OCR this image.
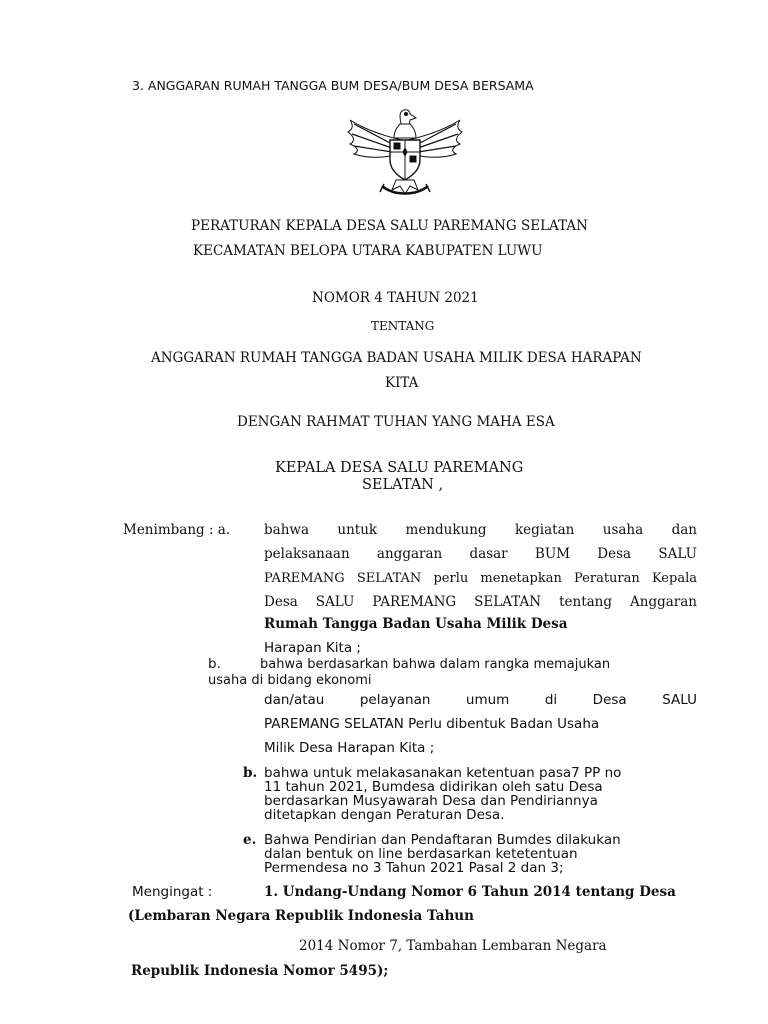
3. ANGGARAN RUMAH TANGGA BUM DESA/BUM DESA BERSAMA
PERATURAN KEPALA DESA SALU PAREMANG SELATAN
KECAMATAN BELOPA UTARA KABUPATEN LUWU
NOMOR 4 TAHUN 2021
TENTANG
ANGGARAN RUMAH TANGGA BADAN USAHA MILIK DESA HARAPAN
KITA
DENGAN RAHMAT TUHAN YANG MAHA ESA
KEPALA DESA SALU PAREMANG
SELATAN ,
Menimbang : a.	bahwa untuk mendukung kegiatan usaha dan
pelaksanaan anggaran dasar BUM Desa SALU
PAREMANG SELATAN perlu menetapkan Peraturan Kepala
Desa SALU PAREMANG SELATAN tentang Anggaran
Rumah Tangga Badan Usaha Milik Desa
Harapan Kita ;
b.	bahwa berdasarkan bahwa dalam rangka memajukan
usaha di bidang ekonomi
dan/atau pelayanan umum di Desa SALU
PAREMANG SELATAN Perlu dibentuk Badan Usaha
Milik Desa Harapan Kita ;
b. bahwa untuk melakasanakan ketentuan pasa7 PP no
11 tahun 2021, Bumdesa didirikan oleh satu Desa
berdasarkan Musyawarah Desa dan Pendiriannya
ditetapkan dengan Peraturan Desa.
e. Bahwa Pendirian dan Pendaftaran Bumdes dilakukan
dalan bentuk on line berdasarkan ketetentuan
Permendesa no 3 Tahun 2021 Pasal 2 dan 3;
Mengingat :	1. Undang-Undang Nomor 6 Tahun 2014 tentang Desa
(Lembaran Negara Republik Indonesia Tahun
2014 Nomor 7, Tambahan Lembaran Negara
Republik Indonesia Nomor 5495);
